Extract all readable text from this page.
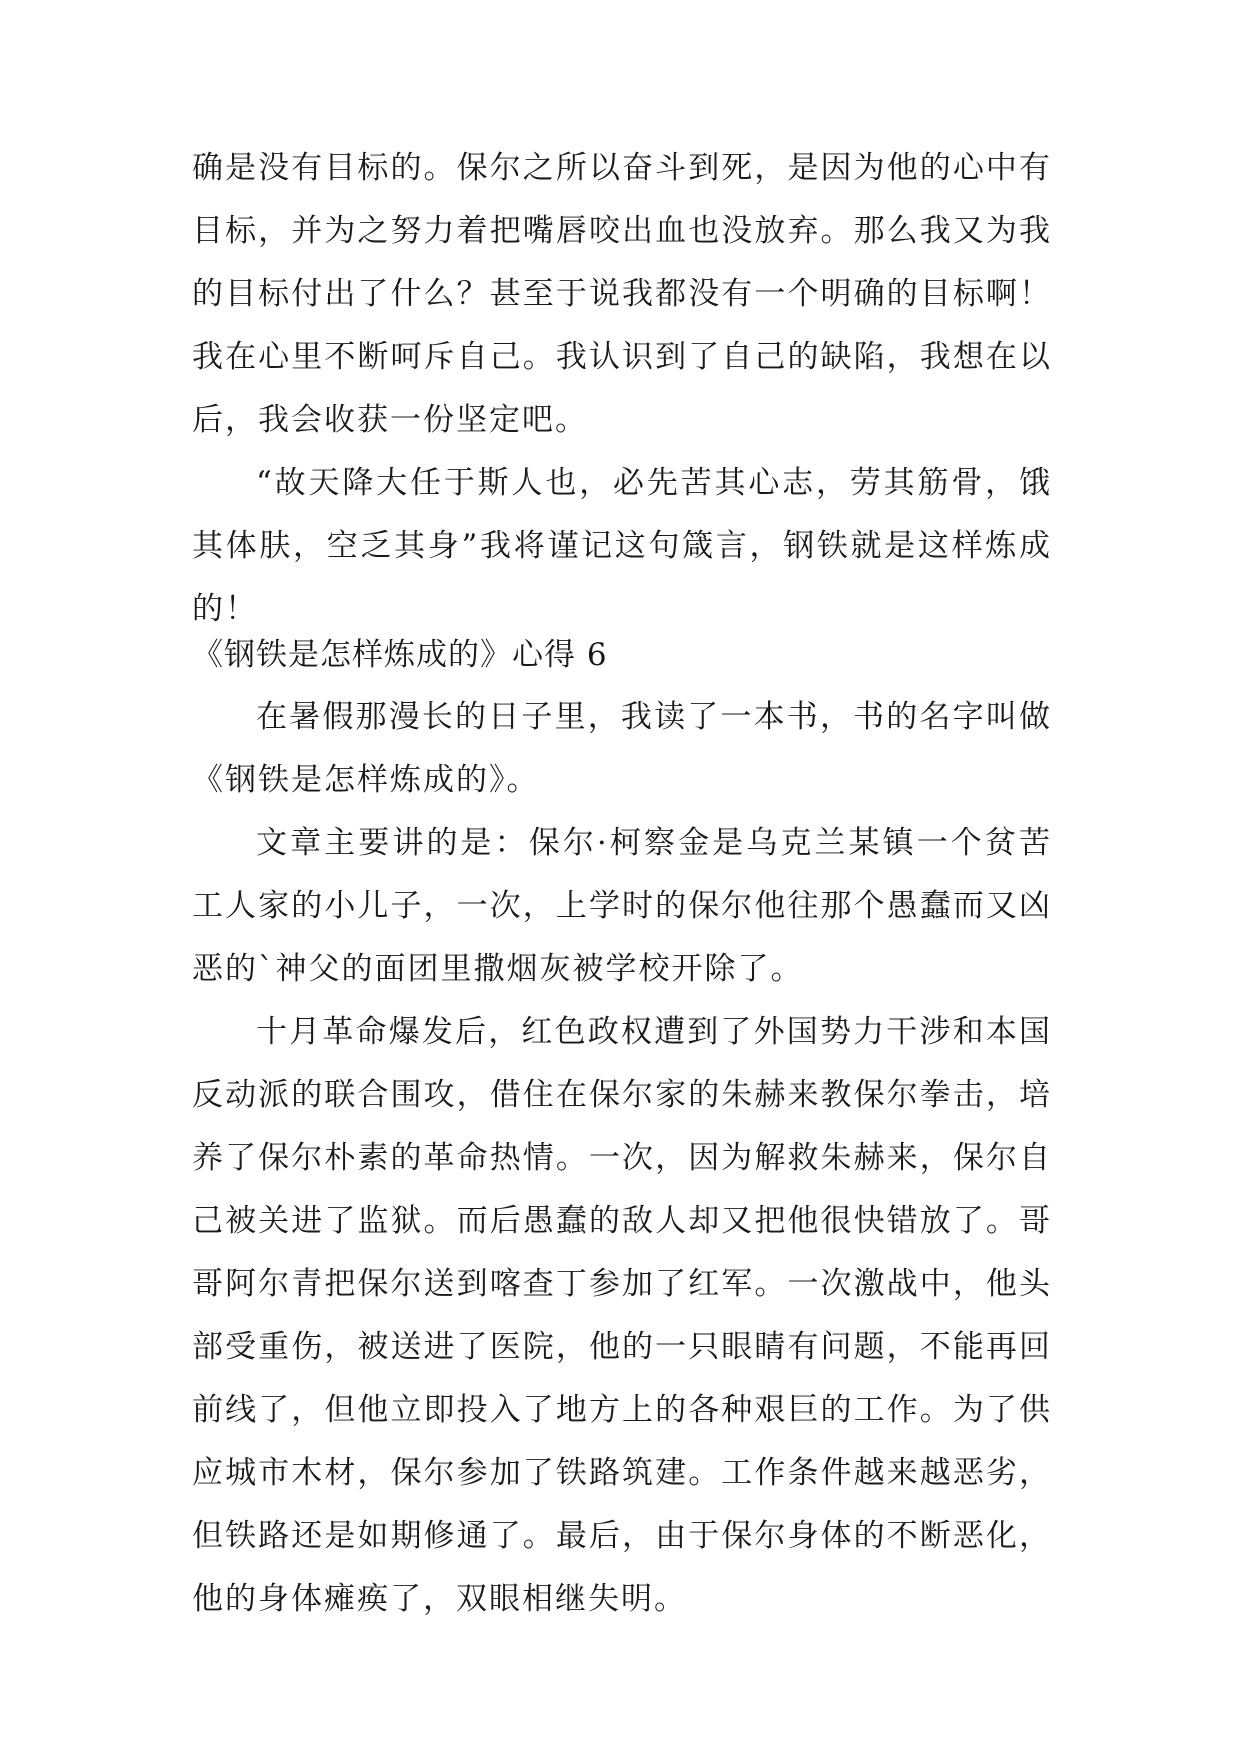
确是没有目标的。保尔之所以奋斗到死，是因为他的心中有
目标，并为之努力着把嘴唇咬出血也没放弃。那么我又为我
的目标付出了什么？甚至于说我都没有一个明确的目标啊！
我在心里不断呵斥自己。我认识到了自己的缺陷，我想在以
后，我会收获一份坚定吧。
“故天降大任于斯人也，必先苦其心志，劳其筋骨，饿
其体肤，空乏其身”我将谨记这句箴言，钢铁就是这样炼成
的！
《钢铁是怎样炼成的》心得 6
在暑假那漫长的日子里，我读了一本书，书的名字叫做
《钢铁是怎样炼成的》。
文章主要讲的是：保尔·柯察金是乌克兰某镇一个贫苦
工人家的小儿子，一次，上学时的保尔他往那个愚蠢而又凶
恶的`神父的面团里撒烟灰被学校开除了。
十月革命爆发后，红色政权遭到了外国势力干涉和本国
反动派的联合围攻，借住在保尔家的朱赫来教保尔拳击，培
养了保尔朴素的革命热情。一次，因为解救朱赫来，保尔自
己被关进了监狱。而后愚蠢的敌人却又把他很快错放了。哥
哥阿尔青把保尔送到喀查丁参加了红军。一次激战中，他头
部受重伤，被送进了医院，他的一只眼睛有问题，不能再回
前线了，但他立即投入了地方上的各种艰巨的工作。为了供
应城市木材，保尔参加了铁路筑建。工作条件越来越恶劣，
但铁路还是如期修通了。最后，由于保尔身体的不断恶化，
他的身体瘫痪了，双眼相继失明。
